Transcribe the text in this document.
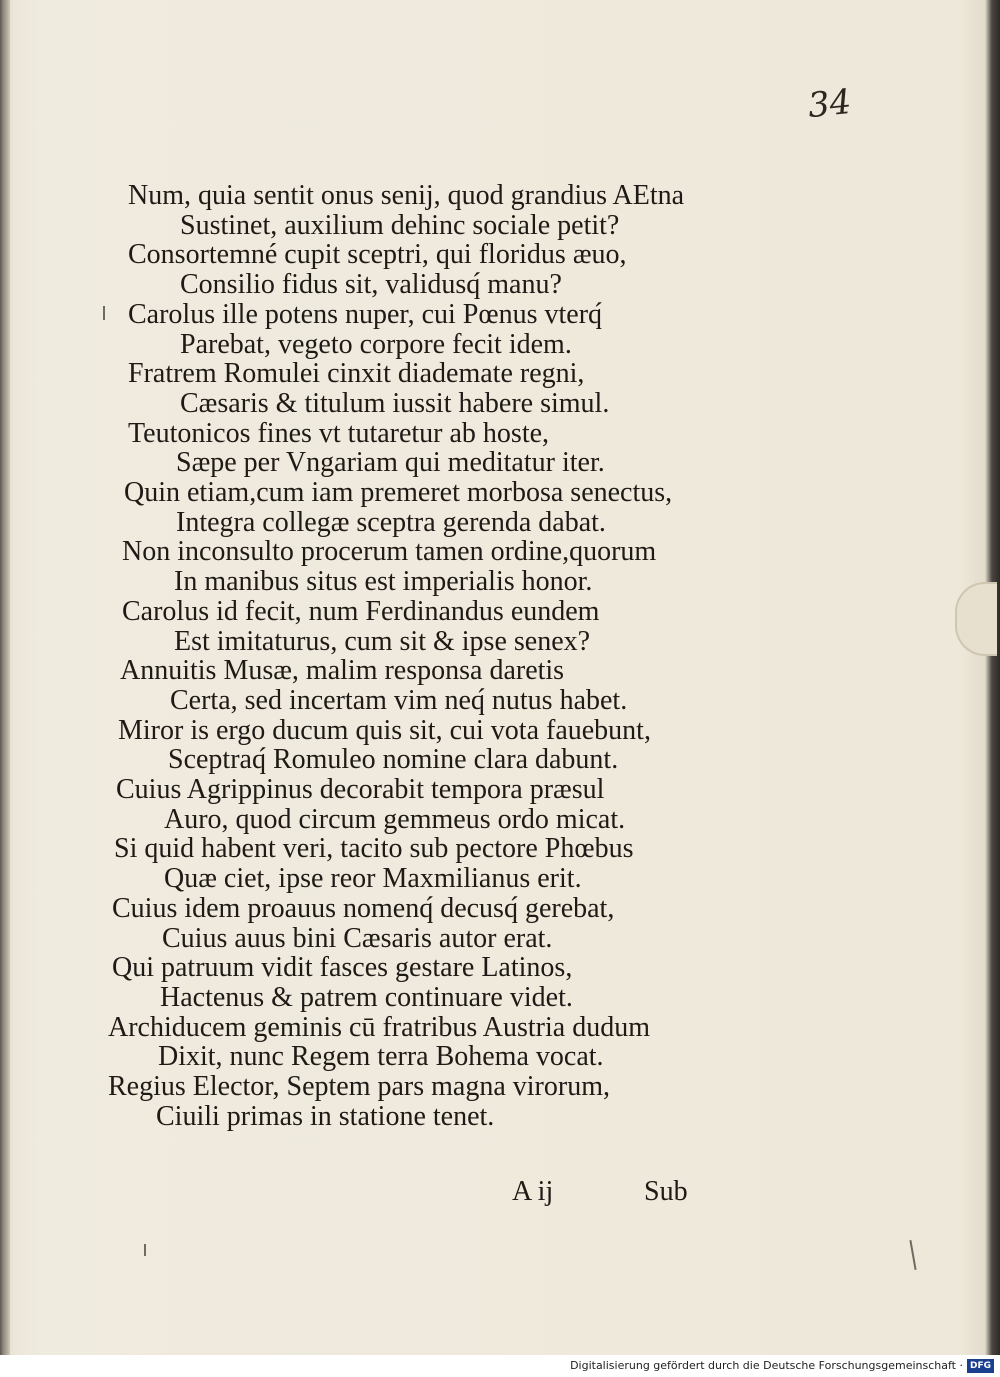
34
Num, quia sentit onus senij, quod grandius AEtna
Sustinet, auxilium dehinc sociale petit?
Consortemné cupit sceptri, qui floridus æuo,
Consilio fidus sit, validusq́ manu?
Carolus ille potens nuper, cui Pœnus vterq́
Parebat, vegeto corpore fecit idem.
Fratrem Romulei cinxit diademate regni,
Cæsaris & titulum iussit habere simul.
Teutonicos fines vt tutaretur ab hoste,
Sæpe per Vngariam qui meditatur iter.
Quin etiam,cum iam premeret morbosa senectus,
Integra collegæ sceptra gerenda dabat.
Non inconsulto procerum tamen ordine,quorum
In manibus situs est imperialis honor.
Carolus id fecit, num Ferdinandus eundem
Est imitaturus, cum sit & ipse senex?
Annuitis Musæ, malim responsa daretis
Certa, sed incertam vim neq́ nutus habet.
Miror is ergo ducum quis sit, cui vota fauebunt,
Sceptraq́ Romuleo nomine clara dabunt.
Cuius Agrippinus decorabit tempora præsul
Auro, quod circum gemmeus ordo micat.
Si quid habent veri, tacito sub pectore Phœbus
Quæ ciet, ipse reor Maxmilianus erit.
Cuius idem proauus nomenq́ decusq́ gerebat,
Cuius auus bini Cæsaris autor erat.
Qui patruum vidit fasces gestare Latinos,
Hactenus & patrem continuare videt.
Archiducem geminis cū fratribus Austria dudum
Dixit, nunc Regem terra Bohema vocat.
Regius Elector, Septem pars magna virorum,
Ciuili primas in statione tenet.
A ij	Sub
Digitalisierung gefördert durch die Deutsche Forschungsgemeinschaft · DFG
